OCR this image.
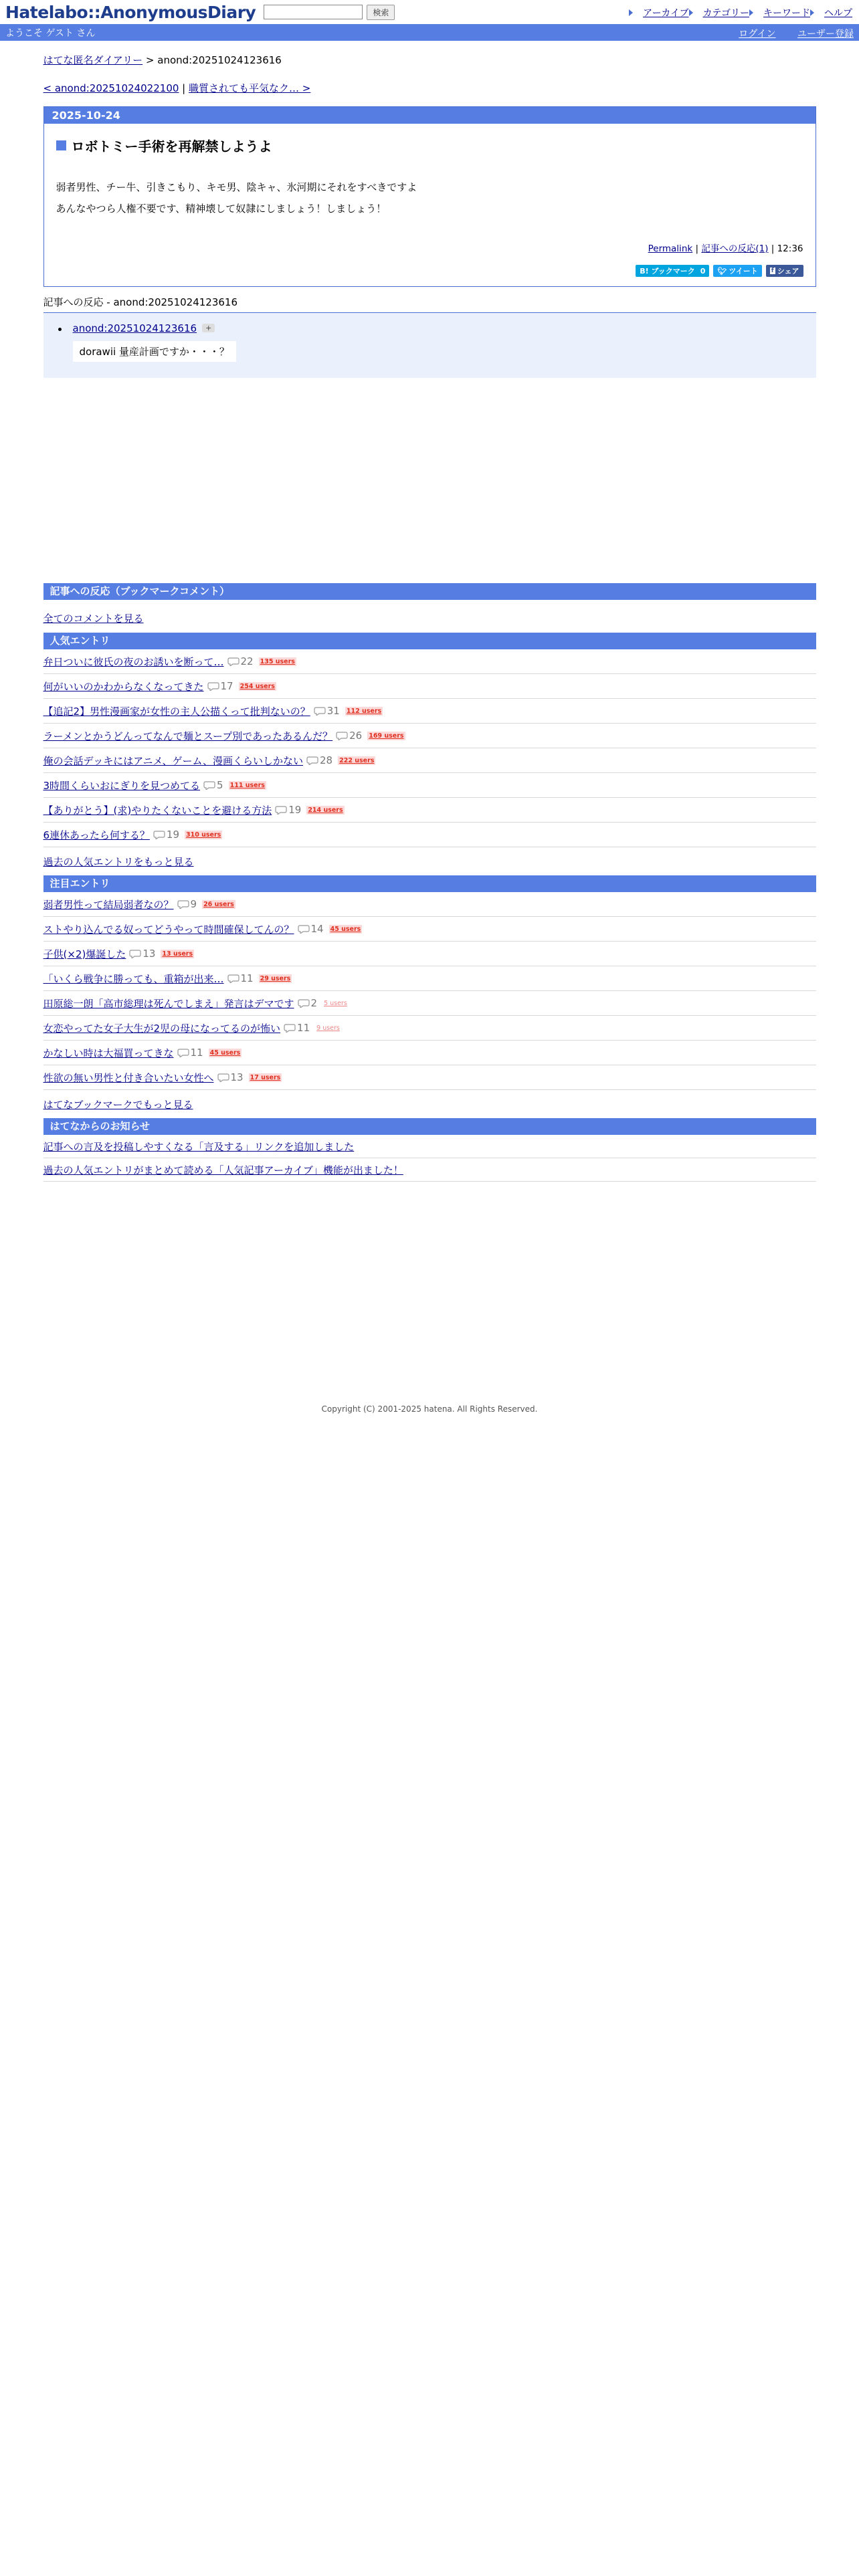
Hatelabo::AnonymousDiary	検索	アーカイブ	カテゴリー	キーワード	ヘルプ
ようこそ ゲスト さん	ログイン ユーザー登録
はてな匿名ダイアリー > anond:20251024123616
< anond:20251024022100 | 職質されても平気なク… >
2025-10-24
ロボトミー手術を再解禁しようよ

弱者男性、チー牛、引きこもり、キモ男、陰キャ、氷河期にそれをすべきですよ

あんなやつら人権不要です、精神壊して奴隷にしましょう！しましょう！

Permalink | 記事への反応(1) | 12:36
B! ブックマーク 0 🐦︎ ツイート f シェア
記事への反応 - anond:20251024123616
anond:20251024123616 +
dorawii 量産計画ですか・・・？
記事への反応（ブックマークコメント）
全てのコメントを見る
人気エントリ
弁日ついに彼氏の夜のお誘いを断って… 22 135 users
何がいいのかわからなくなってきた 17 254 users
【追記2】男性漫画家が女性の主人公描くって批判ないの？ 31 112 users
ラーメンとかうどんってなんで麺とスープ別であったあるんだ？ 26 169 users
俺の会話デッキにはアニメ、ゲーム、漫画くらいしかない 28 222 users
3時間くらいおにぎりを見つめてる 5 111 users
【ありがとう】(求)やりたくないことを避ける方法 19 214 users
6連休あったら何する？ 19 310 users
過去の人気エントリをもっと見る
注目エントリ
弱者男性って結局弱者なの？ 9 26 users
ストやり込んでる奴ってどうやって時間確保してんの？ 14 45 users
子供(×2)爆誕した 13 13 users
「いくら戦争に勝っても、重箱が出来… 11 29 users
田原総一朗「高市総理は死んでしまえ」発言はデマです 2 5 users
女恋やってた女子大生が2児の母になってるのが怖い 11 9 users
かなしい時は大福買ってきな 11 45 users
性欲の無い男性と付き合いたい女性へ 13 17 users
はてなブックマークでもっと見る
はてなからのお知らせ
記事への言及を投稿しやすくなる「言及する」リンクを追加しました
過去の人気エントリがまとめて読める「人気記事アーカイブ」機能が出ました！
Copyright (C) 2001-2025 hatena. All Rights Reserved.
